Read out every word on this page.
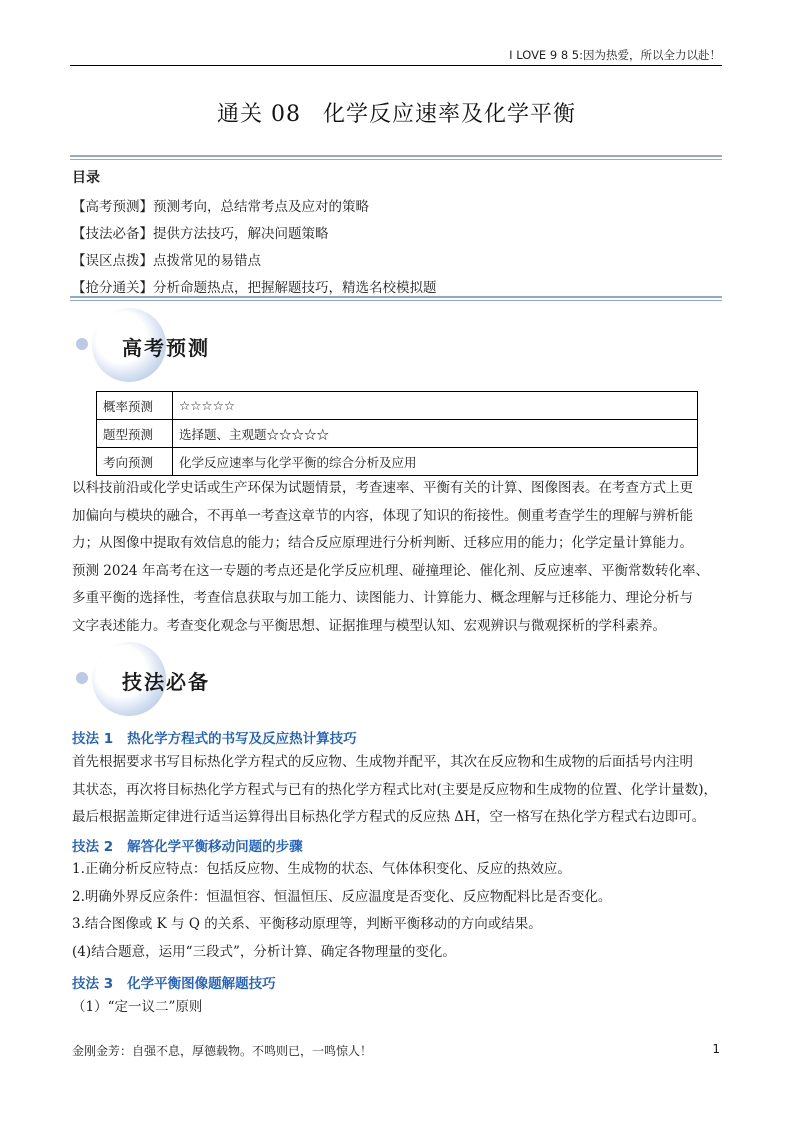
I LOVE 9 8 5:因为热爱，所以全力以赴！
通关 08 化学反应速率及化学平衡
目录
【高考预测】预测考向，总结常考点及应对的策略
【技法必备】提供方法技巧，解决问题策略
【误区点拨】点拨常见的易错点
【抢分通关】分析命题热点，把握解题技巧，精选名校模拟题
高考预测
概率预测	☆☆☆☆☆
题型预测	选择题、主观题☆☆☆☆☆
考向预测	化学反应速率与化学平衡的综合分析及应用
以科技前沿或化学史话或生产环保为试题情景，考查速率、平衡有关的计算、图像图表。在考查方式上更
加偏向与模块的融合，不再单一考查这章节的内容，体现了知识的衔接性。侧重考查学生的理解与辨析能
力；从图像中提取有效信息的能力；结合反应原理进行分析判断、迁移应用的能力；化学定量计算能力。
预测 2024 年高考在这一专题的考点还是化学反应机理、碰撞理论、催化剂、反应速率、平衡常数转化率、
多重平衡的选择性，考查信息获取与加工能力、读图能力、计算能力、概念理解与迁移能力、理论分析与
文字表述能力。考查变化观念与平衡思想、证据推理与模型认知、宏观辨识与微观探析的学科素养。
技法必备
技法 1 热化学方程式的书写及反应热计算技巧
首先根据要求书写目标热化学方程式的反应物、生成物并配平，其次在反应物和生成物的后面括号内注明
其状态，再次将目标热化学方程式与已有的热化学方程式比对(主要是反应物和生成物的位置、化学计量数)，
最后根据盖斯定律进行适当运算得出目标热化学方程式的反应热 ΔH，空一格写在热化学方程式右边即可。
技法 2 解答化学平衡移动问题的步骤
1.正确分析反应特点：包括反应物、生成物的状态、气体体积变化、反应的热效应。
2.明确外界反应条件：恒温恒容、恒温恒压、反应温度是否变化、反应物配料比是否变化。
3.结合图像或 K 与 Q 的关系、平衡移动原理等，判断平衡移动的方向或结果。
(4)结合题意，运用“三段式”，分析计算、确定各物理量的变化。
技法 3 化学平衡图像题解题技巧
（1）“定一议二”原则
金刚金芳：自强不息，厚德载物。不鸣则已，一鸣惊人！	1
